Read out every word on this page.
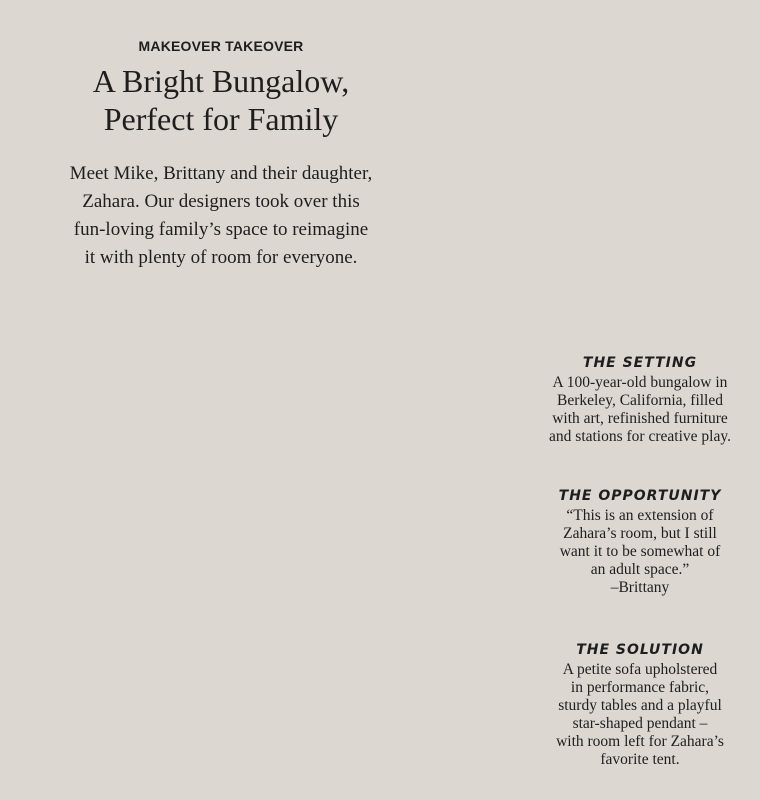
MAKEOVER TAKEOVER
A Bright Bungalow,
Perfect for Family

Meet Mike, Brittany and their daughter,
Zahara. Our designers took over this
fun-loving family’s space to reimagine
it with plenty of room for everyone.

THE SETTING

A 100-year-old bungalow in
Berkeley, California, filled
with art, refinished furniture
and stations for creative play.

THE OPPORTUNITY

“This is an extension of
Zahara’s room, but I still
want it to be somewhat of
an adult space.”
–Brittany

THE SOLUTION

A petite sofa upholstered
in performance fabric,
sturdy tables and a playful
star-shaped pendant –
with room left for Zahara’s
favorite tent.
